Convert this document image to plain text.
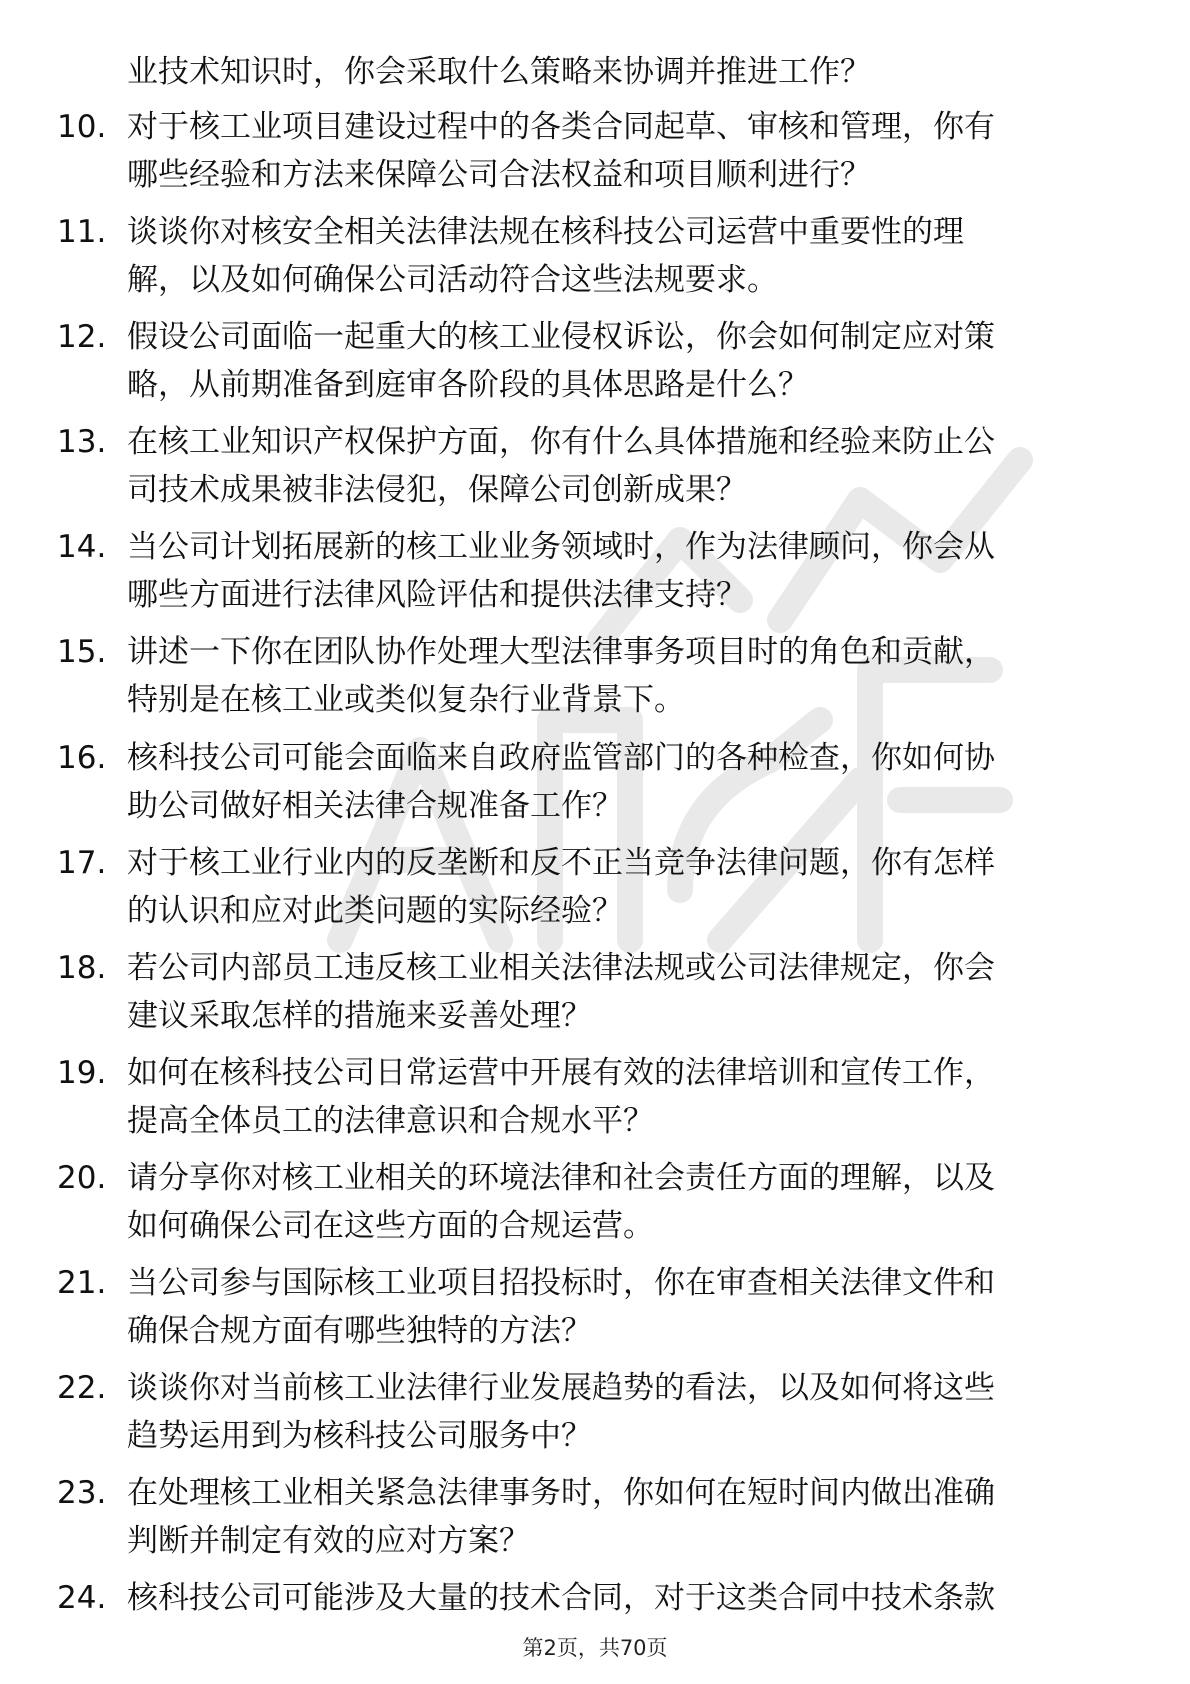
业技术知识时，你会采取什么策略来协调并推进工作？
10. 对于核工业项目建设过程中的各类合同起草、审核和管理，你有
哪些经验和方法来保障公司合法权益和项目顺利进行？
11. 谈谈你对核安全相关法律法规在核科技公司运营中重要性的理
解，以及如何确保公司活动符合这些法规要求。
12. 假设公司面临一起重大的核工业侵权诉讼，你会如何制定应对策
略，从前期准备到庭审各阶段的具体思路是什么？
13. 在核工业知识产权保护方面，你有什么具体措施和经验来防止公
司技术成果被非法侵犯，保障公司创新成果？
14. 当公司计划拓展新的核工业业务领域时，作为法律顾问，你会从
哪些方面进行法律风险评估和提供法律支持？
15. 讲述一下你在团队协作处理大型法律事务项目时的角色和贡献，
特别是在核工业或类似复杂行业背景下。
16. 核科技公司可能会面临来自政府监管部门的各种检查，你如何协
助公司做好相关法律合规准备工作？
17. 对于核工业行业内的反垄断和反不正当竞争法律问题，你有怎样
的认识和应对此类问题的实际经验？
18. 若公司内部员工违反核工业相关法律法规或公司法律规定，你会
建议采取怎样的措施来妥善处理？
19. 如何在核科技公司日常运营中开展有效的法律培训和宣传工作，
提高全体员工的法律意识和合规水平？
20. 请分享你对核工业相关的环境法律和社会责任方面的理解，以及
如何确保公司在这些方面的合规运营。
21. 当公司参与国际核工业项目招投标时，你在审查相关法律文件和
确保合规方面有哪些独特的方法？
22. 谈谈你对当前核工业法律行业发展趋势的看法，以及如何将这些
趋势运用到为核科技公司服务中？
23. 在处理核工业相关紧急法律事务时，你如何在短时间内做出准确
判断并制定有效的应对方案？
24. 核科技公司可能涉及大量的技术合同，对于这类合同中技术条款
第2页，共70页
